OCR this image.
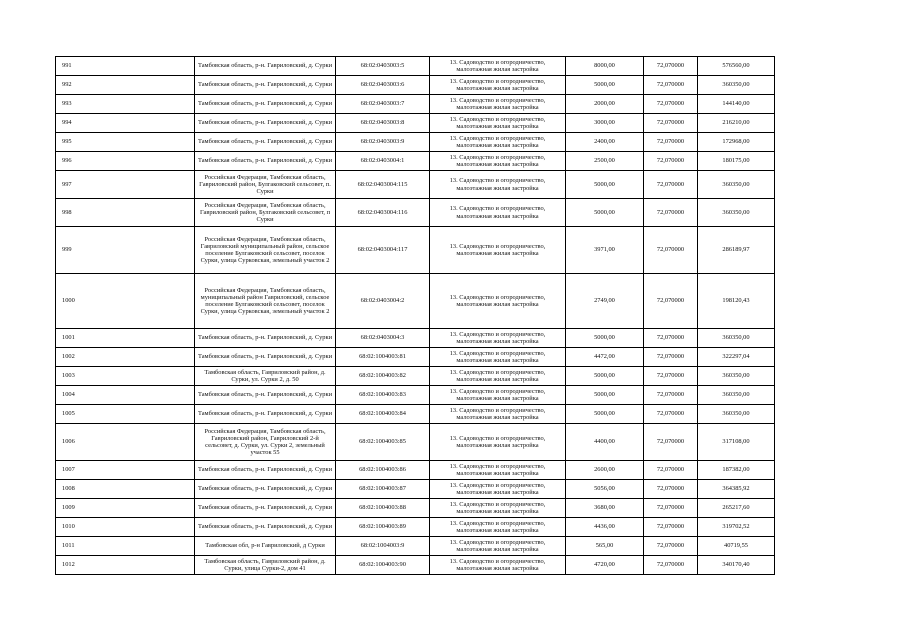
991	Тамбовская область, р-н. Гавриловский, д. Сурки	68:02:0403003:5	13. Садоводство и огородничество, малоэтажная жилая застройка	8000,00	72,070000	576560,00
992	Тамбовская область, р-н. Гавриловский, д. Сурки	68:02:0403003:6	13. Садоводство и огородничество, малоэтажная жилая застройка	5000,00	72,070000	360350,00
993	Тамбовская область, р-н. Гавриловский, д. Сурки	68:02:0403003:7	13. Садоводство и огородничество, малоэтажная жилая застройка	2000,00	72,070000	144140,00
994	Тамбовская область, р-н. Гавриловский, д. Сурки	68:02:0403003:8	13. Садоводство и огородничество, малоэтажная жилая застройка	3000,00	72,070000	216210,00
995	Тамбовская область, р-н. Гавриловский, д. Сурки	68:02:0403003:9	13. Садоводство и огородничество, малоэтажная жилая застройка	2400,00	72,070000	172968,00
996	Тамбовская область, р-н. Гавриловский, д. Сурки	68:02:0403004:1	13. Садоводство и огородничество, малоэтажная жилая застройка	2500,00	72,070000	180175,00
997	Российская Федерация, Тамбовская область, Гавриловский район, Булгаковский сельсовет, п. Сурки	68:02:0403004:115	13. Садоводство и огородничество, малоэтажная жилая застройка	5000,00	72,070000	360350,00
998	Российская Федерация, Тамбовская область, Гавриловский район, Булгаковский сельсовет, п Сурки	68:02:0403004:116	13. Садоводство и огородничество, малоэтажная жилая застройка	5000,00	72,070000	360350,00
999	Российская Федерация, Тамбовская область, Гавриловский муниципальный район, сельское поселение Булгаковский сельсовет, поселок Сурки, улица Сурковская, земельный участок 2	68:02:0403004:117	13. Садоводство и огородничество, малоэтажная жилая застройка	3971,00	72,070000	286189,97
1000	Российская Федерация, Тамбовская область, муниципальный район Гавриловский, сельское поселение Булгаковский сельсовет, поселок Сурки, улица Сурковская, земельный участок 2	68:02:0403004:2	13. Садоводство и огородничество, малоэтажная жилая застройка	2749,00	72,070000	198120,43
1001	Тамбовская область, р-н. Гавриловский, д. Сурки	68:02:0403004:3	13. Садоводство и огородничество, малоэтажная жилая застройка	5000,00	72,070000	360350,00
1002	Тамбовская область, р-н. Гавриловский, д. Сурки	68:02:1004003:81	13. Садоводство и огородничество, малоэтажная жилая застройка	4472,00	72,070000	322297,04
1003	Тамбовская область, Гавриловский район, д. Сурки, ул. Сурки 2, д. 50	68:02:1004003:82	13. Садоводство и огородничество, малоэтажная жилая застройка	5000,00	72,070000	360350,00
1004	Тамбовская область, р-н. Гавриловский, д. Сурки	68:02:1004003:83	13. Садоводство и огородничество, малоэтажная жилая застройка	5000,00	72,070000	360350,00
1005	Тамбовская область, р-н. Гавриловский, д. Сурки	68:02:1004003:84	13. Садоводство и огородничество, малоэтажная жилая застройка	5000,00	72,070000	360350,00
1006	Российская Федерация, Тамбовская область, Гавриловский район, Гавриловский 2-й сельсовет, д. Сурки, ул. Сурки 2, земельный участок 55	68:02:1004003:85	13. Садоводство и огородничество, малоэтажная жилая застройка	4400,00	72,070000	317108,00
1007	Тамбовская область, р-н. Гавриловский, д. Сурки	68:02:1004003:86	13. Садоводство и огородничество, малоэтажная жилая застройка	2600,00	72,070000	187382,00
1008	Тамбовская область, р-н. Гавриловский, д. Сурки	68:02:1004003:87	13. Садоводство и огородничество, малоэтажная жилая застройка	5056,00	72,070000	364385,92
1009	Тамбовская область, р-н. Гавриловский, д. Сурки	68:02:1004003:88	13. Садоводство и огородничество, малоэтажная жилая застройка	3680,00	72,070000	265217,60
1010	Тамбовская область, р-н. Гавриловский, д. Сурки	68:02:1004003:89	13. Садоводство и огородничество, малоэтажная жилая застройка	4436,00	72,070000	319702,52
1011	Тамбовская обл, р-н Гавриловский, д Сурки	68:02:1004003:9	13. Садоводство и огородничество, малоэтажная жилая застройка	565,00	72,070000	40719,55
1012	Тамбовская область, Гавриловский район, д. Сурки, улица Сурки-2, дом 41	68:02:1004003:90	13. Садоводство и огородничество, малоэтажная жилая застройка	4720,00	72,070000	340170,40
